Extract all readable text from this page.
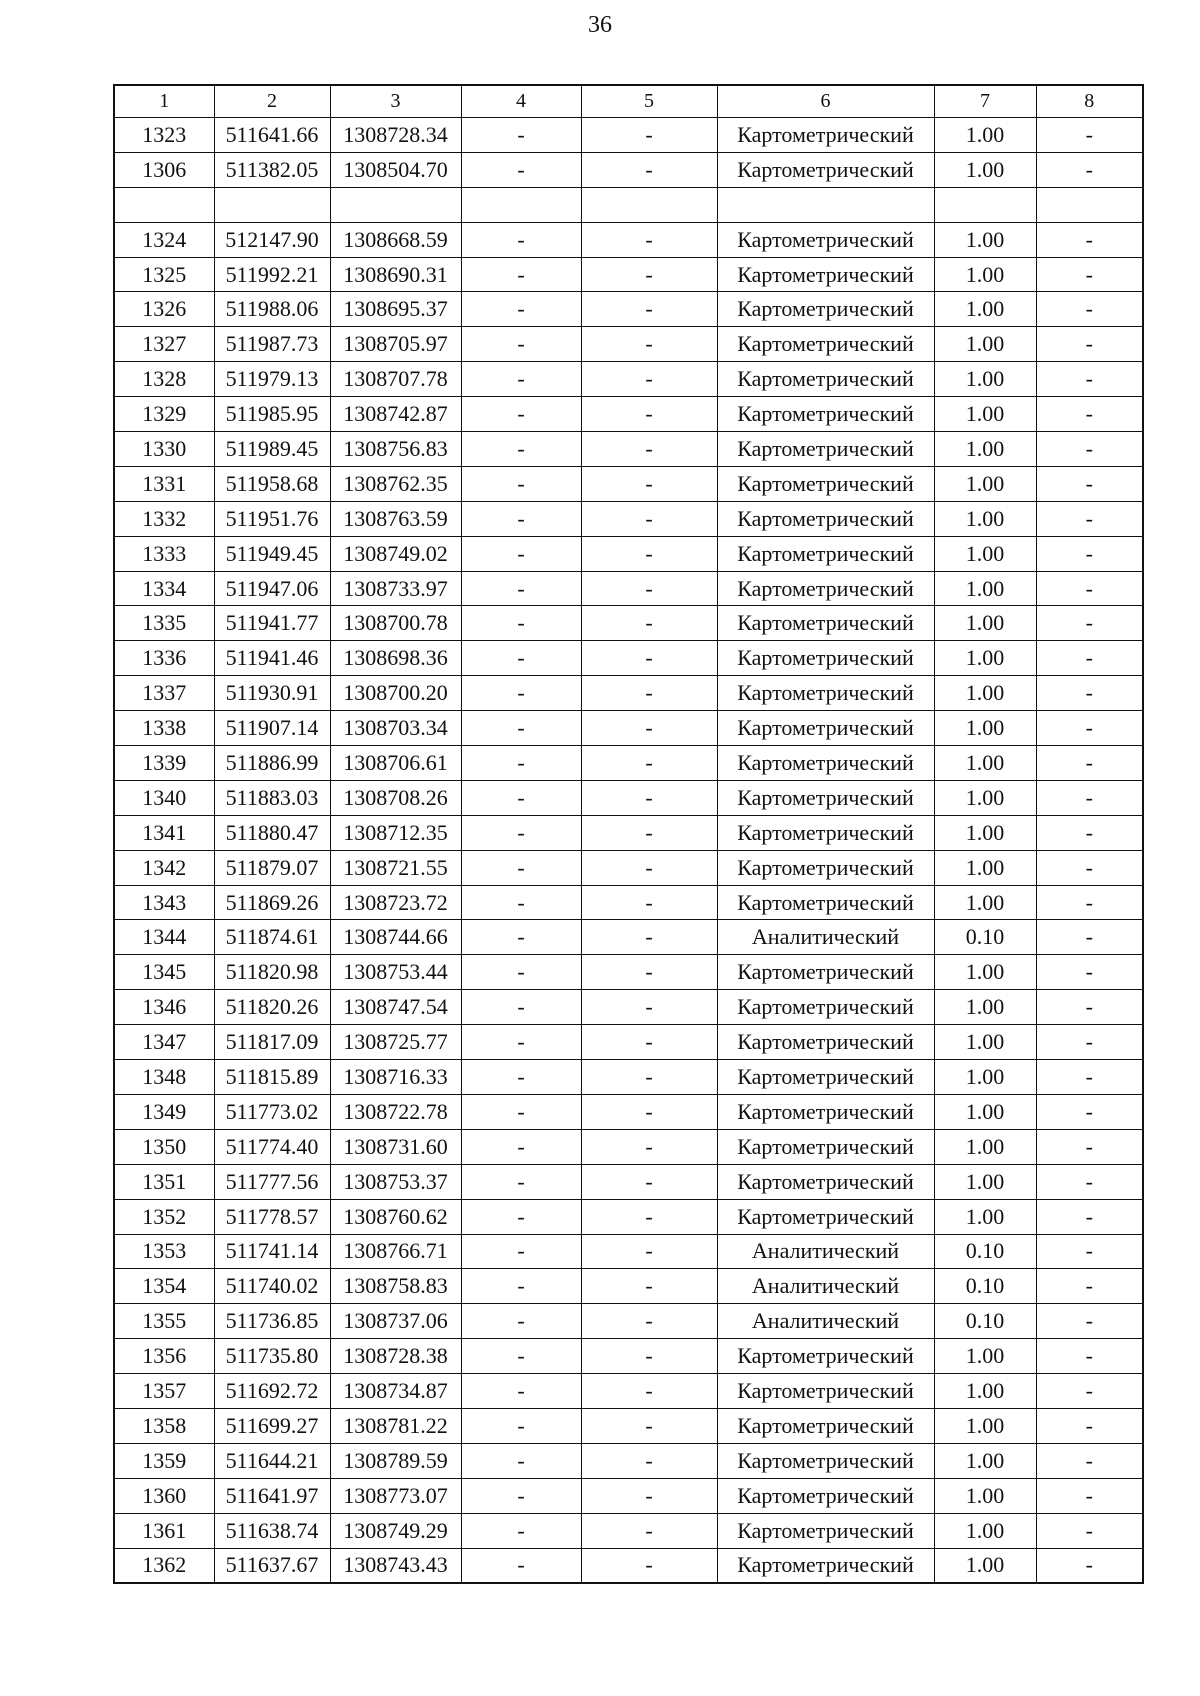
36
1	2	3	4	5	6	7	8
1323	511641.66	1308728.34	-	-	Картометрический	1.00	-
1306	511382.05	1308504.70	-	-	Картометрический	1.00	-

1324	512147.90	1308668.59	-	-	Картометрический	1.00	-
1325	511992.21	1308690.31	-	-	Картометрический	1.00	-
1326	511988.06	1308695.37	-	-	Картометрический	1.00	-
1327	511987.73	1308705.97	-	-	Картометрический	1.00	-
1328	511979.13	1308707.78	-	-	Картометрический	1.00	-
1329	511985.95	1308742.87	-	-	Картометрический	1.00	-
1330	511989.45	1308756.83	-	-	Картометрический	1.00	-
1331	511958.68	1308762.35	-	-	Картометрический	1.00	-
1332	511951.76	1308763.59	-	-	Картометрический	1.00	-
1333	511949.45	1308749.02	-	-	Картометрический	1.00	-
1334	511947.06	1308733.97	-	-	Картометрический	1.00	-
1335	511941.77	1308700.78	-	-	Картометрический	1.00	-
1336	511941.46	1308698.36	-	-	Картометрический	1.00	-
1337	511930.91	1308700.20	-	-	Картометрический	1.00	-
1338	511907.14	1308703.34	-	-	Картометрический	1.00	-
1339	511886.99	1308706.61	-	-	Картометрический	1.00	-
1340	511883.03	1308708.26	-	-	Картометрический	1.00	-
1341	511880.47	1308712.35	-	-	Картометрический	1.00	-
1342	511879.07	1308721.55	-	-	Картометрический	1.00	-
1343	511869.26	1308723.72	-	-	Картометрический	1.00	-
1344	511874.61	1308744.66	-	-	Аналитический	0.10	-
1345	511820.98	1308753.44	-	-	Картометрический	1.00	-
1346	511820.26	1308747.54	-	-	Картометрический	1.00	-
1347	511817.09	1308725.77	-	-	Картометрический	1.00	-
1348	511815.89	1308716.33	-	-	Картометрический	1.00	-
1349	511773.02	1308722.78	-	-	Картометрический	1.00	-
1350	511774.40	1308731.60	-	-	Картометрический	1.00	-
1351	511777.56	1308753.37	-	-	Картометрический	1.00	-
1352	511778.57	1308760.62	-	-	Картометрический	1.00	-
1353	511741.14	1308766.71	-	-	Аналитический	0.10	-
1354	511740.02	1308758.83	-	-	Аналитический	0.10	-
1355	511736.85	1308737.06	-	-	Аналитический	0.10	-
1356	511735.80	1308728.38	-	-	Картометрический	1.00	-
1357	511692.72	1308734.87	-	-	Картометрический	1.00	-
1358	511699.27	1308781.22	-	-	Картометрический	1.00	-
1359	511644.21	1308789.59	-	-	Картометрический	1.00	-
1360	511641.97	1308773.07	-	-	Картометрический	1.00	-
1361	511638.74	1308749.29	-	-	Картометрический	1.00	-
1362	511637.67	1308743.43	-	-	Картометрический	1.00	-
